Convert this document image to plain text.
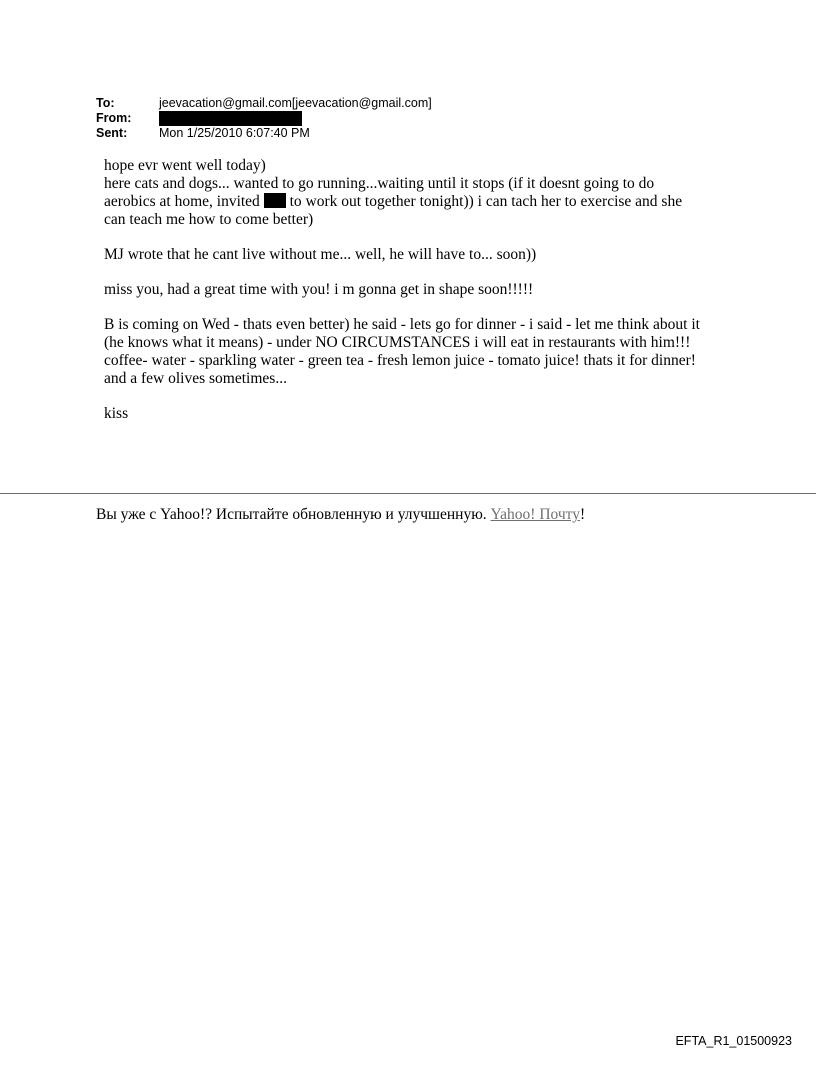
To:	jeevacation@gmail.com[jeevacation@gmail.com]
From:
Sent:	Mon 1/25/2010 6:07:40 PM

hope evr went well today)
here cats and dogs... wanted to go running...waiting until it stops (if it doesnt going to do
aerobics at home, invited  to work out together tonight)) i can tach her to exercise and she
can teach me how to come better)

MJ wrote that he cant live without me... well, he will have to... soon))

miss you, had a great time with you! i m gonna get in shape soon!!!!!

B is coming on Wed - thats even better) he said - lets go for dinner - i said - let me think about it
(he knows what it means) - under NO CIRCUMSTANCES i will eat in restaurants with him!!!
coffee- water - sparkling water - green tea - fresh lemon juice - tomato juice! thats it for dinner!
and a few olives sometimes...

kiss

Вы уже с Yahoo!? Испытайте обновленную и улучшенную. Yahoo! Почту!
EFTA_R1_01500923
